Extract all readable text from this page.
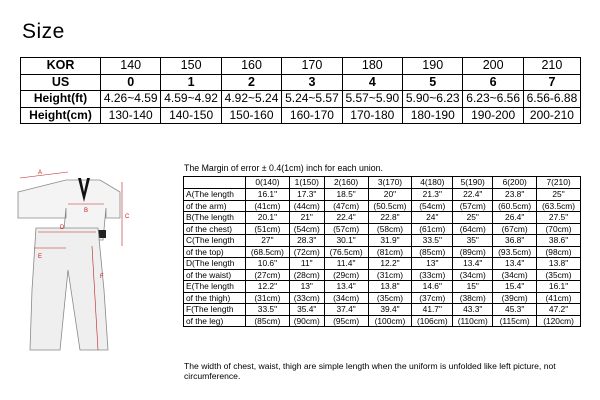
Size
KOR	140	150	160	170	180	190	200	210
US	0	1	2	3	4	5	6	7
Height(ft)	4.26~4.59	4.59~4.92	4.92~5.24	5.24~5.57	5.57~5.90	5.90~6.23	6.23~6.56	6.56-6.88
Height(cm)	130-140	140-150	150-160	160-170	170-180	180-190	190-200	200-210
A
B
C
D
E
F
The Margin of error ± 0.4(1cm) inch for each union.
	0(140)	1(150)	2(160)	3(170)	4(180)	5(190)	6(200)	7(210)
A(The length	16.1"	17.3"	18.5"	20"	21.3"	22.4"	23.8"	25"
of the arm)	(41cm)	(44cm)	(47cm)	(50.5cm)	(54cm)	(57cm)	(60.5cm)	(63.5cm)
B(The length	20.1"	21"	22.4"	22.8"	24"	25"	26.4"	27.5"
of the chest)	(51cm)	(54cm)	(57cm)	(58cm)	(61cm)	(64cm)	(67cm)	(70cm)
C(The length	27"	28.3"	30.1"	31.9"	33.5"	35"	36.8"	38.6"
of the top)	(68.5cm)	(72cm)	(76.5cm)	(81cm)	(85cm)	(89cm)	(93.5cm)	(98cm)
D(The length	10.6"	11"	11.4"	12.2"	13"	13.4"	13.4"	13.8"
of the waist)	(27cm)	(28cm)	(29cm)	(31cm)	(33cm)	(34cm)	(34cm)	(35cm)
E(The length	12.2"	13"	13.4"	13.8"	14.6"	15"	15.4"	16.1"
of the thigh)	(31cm)	(33cm)	(34cm)	(35cm)	(37cm)	(38cm)	(39cm)	(41cm)
F(The length	33.5"	35.4"	37.4"	39.4"	41.7"	43.3"	45.3"	47.2"
of the leg)	(85cm)	(90cm)	(95cm)	(100cm)	(106cm)	(110cm)	(115cm)	(120cm)
The width of chest, waist, thigh are simple length when the uniform is unfolded like left picture, not circumference.
